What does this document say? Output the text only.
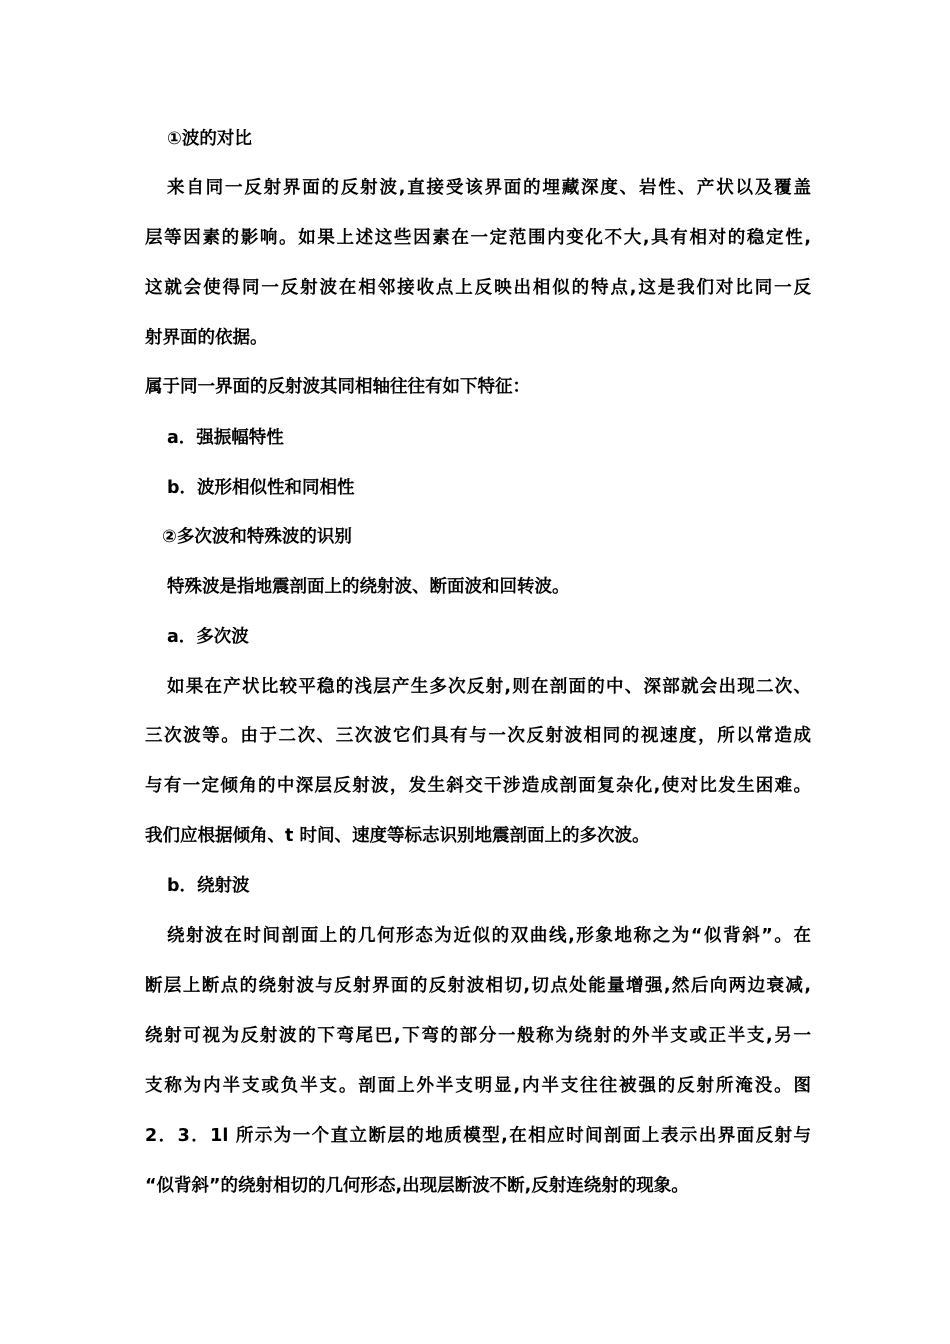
①波的对比
来自同一反射界面的反射波,直接受该界面的埋藏深度、岩性、产状以及覆盖
层等因素的影响。如果上述这些因素在一定范围内变化不大,具有相对的稳定性,
这就会使得同一反射波在相邻接收点上反映出相似的特点,这是我们对比同一反
射界面的依据。
属于同一界面的反射波其同相轴往往有如下特征：
a．强振幅特性
b．波形相似性和同相性
②多次波和特殊波的识别
特殊波是指地震剖面上的绕射波、断面波和回转波。
a．多次波
如果在产状比较平稳的浅层产生多次反射,则在剖面的中、深部就会出现二次、
三次波等。由于二次、三次波它们具有与一次反射波相同的视速度，所以常造成
与有一定倾角的中深层反射波，发生斜交干涉造成剖面复杂化,使对比发生困难。
我们应根据倾角、t 时间、速度等标志识别地震剖面上的多次波。
b．绕射波
绕射波在时间剖面上的几何形态为近似的双曲线,形象地称之为“似背斜”。在
断层上断点的绕射波与反射界面的反射波相切,切点处能量增强,然后向两边衰减,
绕射可视为反射波的下弯尾巴,下弯的部分一般称为绕射的外半支或正半支,另一
支称为内半支或负半支。剖面上外半支明显,内半支往往被强的反射所淹没。图
2．3．1l 所示为一个直立断层的地质模型,在相应时间剖面上表示出界面反射与
“似背斜”的绕射相切的几何形态,出现层断波不断,反射连绕射的现象。
